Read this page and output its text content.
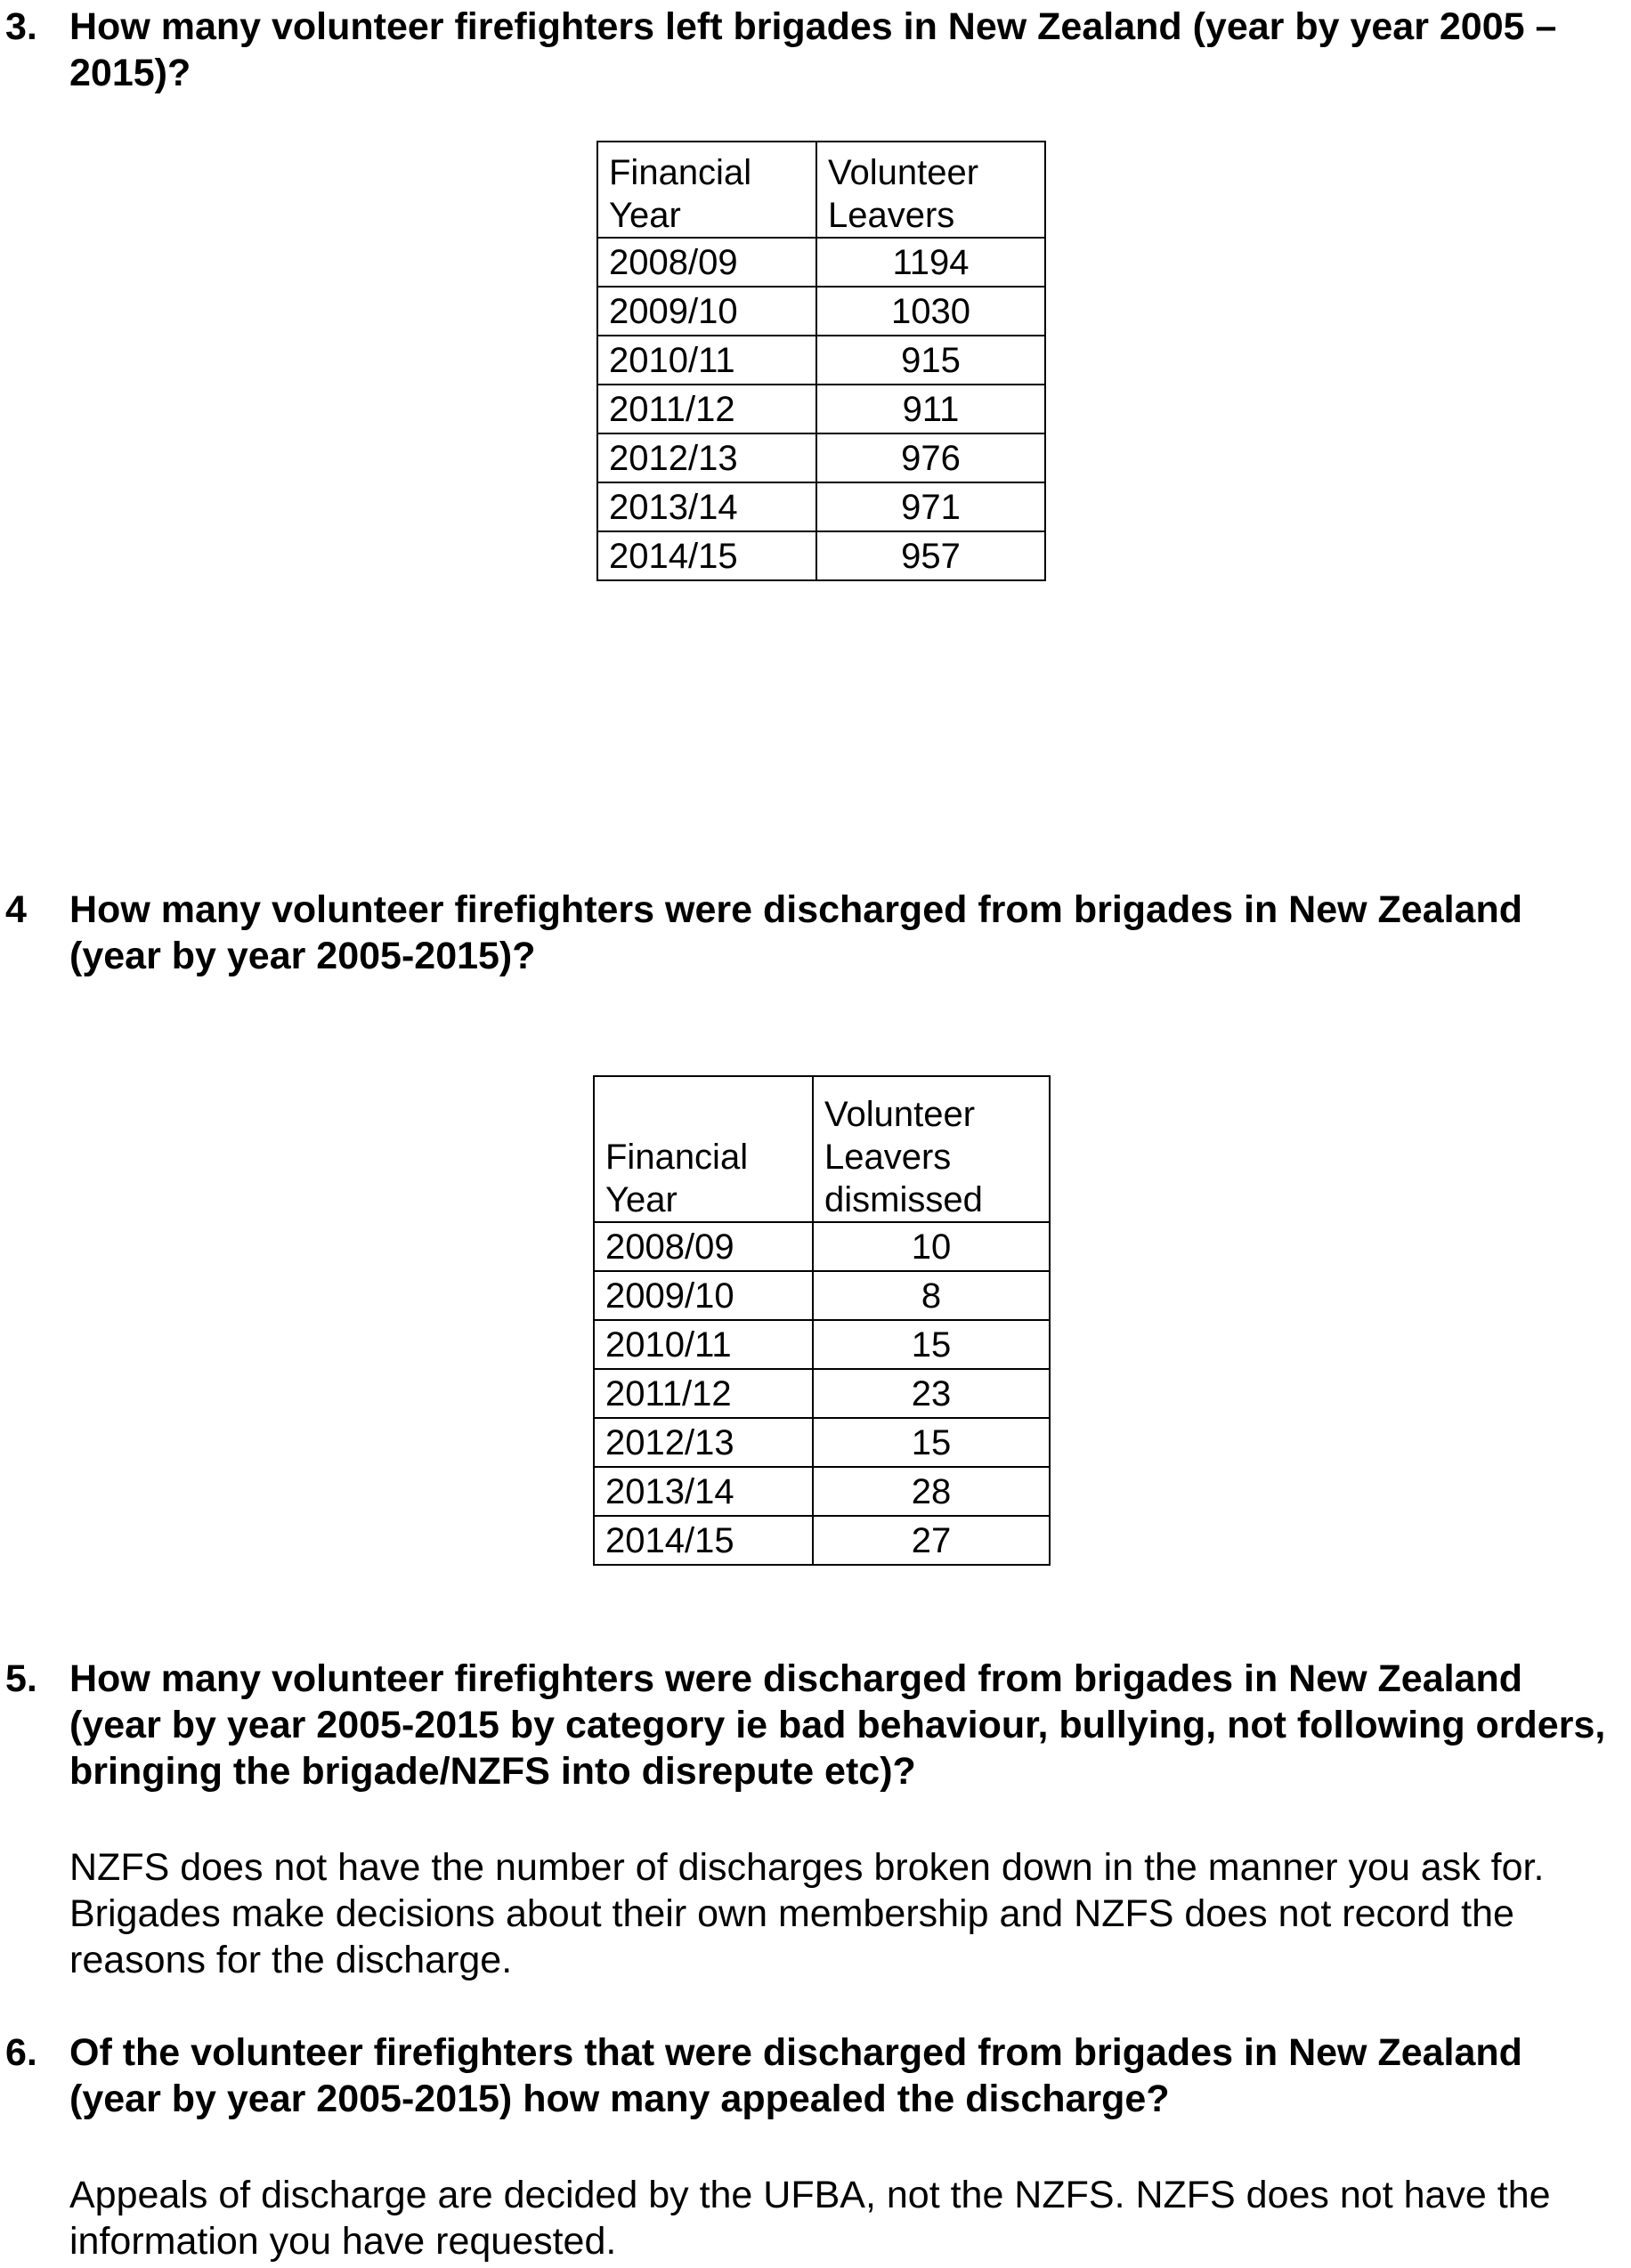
3. How many volunteer firefighters left brigades in New Zealand (year by year 2005 – 2015)?
Financial Year	Volunteer Leavers
2008/09	1194
2009/10	1030
2010/11	915
2011/12	911
2012/13	976
2013/14	971
2014/15	957
4 How many volunteer firefighters were discharged from brigades in New Zealand (year by year 2005-2015)?
Financial Year	Volunteer Leavers dismissed
2008/09	10
2009/10	8
2010/11	15
2011/12	23
2012/13	15
2013/14	28
2014/15	27
5. How many volunteer firefighters were discharged from brigades in New Zealand (year by year 2005-2015 by category ie bad behaviour, bullying, not following orders, bringing the brigade/NZFS into disrepute etc)?
NZFS does not have the number of discharges broken down in the manner you ask for. Brigades make decisions about their own membership and NZFS does not record the reasons for the discharge.
6. Of the volunteer firefighters that were discharged from brigades in New Zealand (year by year 2005-2015) how many appealed the discharge?
Appeals of discharge are decided by the UFBA, not the NZFS. NZFS does not have the information you have requested.
